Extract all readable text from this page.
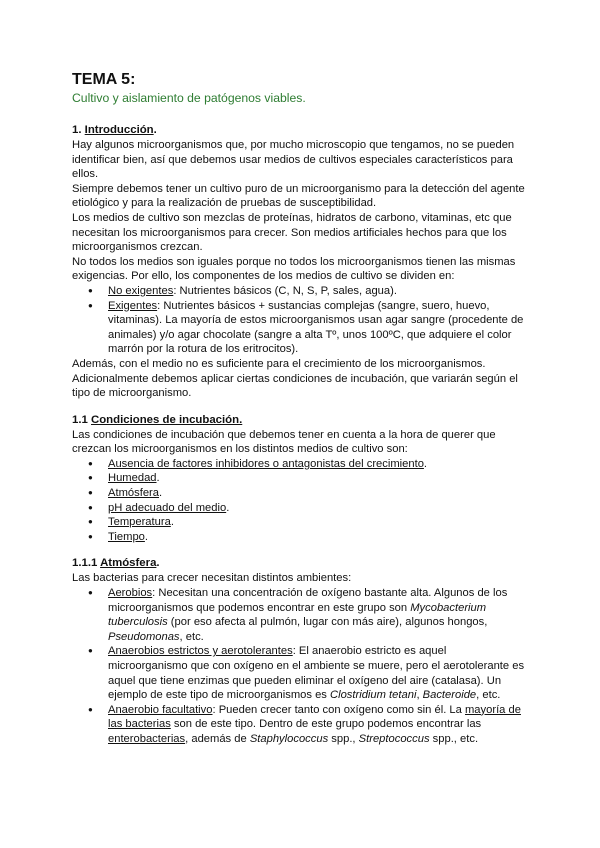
TEMA 5:
Cultivo y aislamiento de patógenos viables.
1. Introducción.

Hay algunos microorganismos que, por mucho microscopio que tengamos, no se pueden identificar bien, así que debemos usar medios de cultivos especiales característicos para ellos.

Siempre debemos tener un cultivo puro de un microorganismo para la detección del agente etiológico y para la realización de pruebas de susceptibilidad.

Los medios de cultivo son mezclas de proteínas, hidratos de carbono, vitaminas, etc que necesitan los microorganismos para crecer. Son medios artificiales hechos para que los microorganismos crezcan.

No todos los medios son iguales porque no todos los microorganismos tienen las mismas exigencias. Por ello, los componentes de los medios de cultivo se dividen en:

● No exigentes: Nutrientes básicos (C, N, S, P, sales, agua).
● Exigentes: Nutrientes básicos + sustancias complejas (sangre, suero, huevo, vitaminas). La mayoría de estos microorganismos usan agar sangre (procedente de animales) y/o agar chocolate (sangre a alta Tº, unos 100ºC, que adquiere el color marrón por la rotura de los eritrocitos).

Además, con el medio no es suficiente para el crecimiento de los microorganismos. Adicionalmente debemos aplicar ciertas condiciones de incubación, que variarán según el tipo de microorganismo.

1.1 Condiciones de incubación.

Las condiciones de incubación que debemos tener en cuenta a la hora de querer que crezcan los microorganismos en los distintos medios de cultivo son:

● Ausencia de factores inhibidores o antagonistas del crecimiento.
● Humedad.
● Atmósfera.
● pH adecuado del medio.
● Temperatura.
● Tiempo.
1.1.1 Atmósfera.

Las bacterias para crecer necesitan distintos ambientes:

● Aerobios: Necesitan una concentración de oxígeno bastante alta. Algunos de los microorganismos que podemos encontrar en este grupo son Mycobacterium tuberculosis (por eso afecta al pulmón, lugar con más aire), algunos hongos, Pseudomonas, etc.
● Anaerobios estrictos y aerotolerantes: El anaerobio estricto es aquel microorganismo que con oxígeno en el ambiente se muere, pero el aerotolerante es aquel que tiene enzimas que pueden eliminar el oxígeno del aire (catalasa). Un ejemplo de este tipo de microorganismos es Clostridium tetani, Bacteroide, etc.
● Anaerobio facultativo: Pueden crecer tanto con oxígeno como sin él. La mayoría de las bacterias son de este tipo. Dentro de este grupo podemos encontrar las enterobacterias, además de Staphylococcus spp., Streptococcus spp., etc.
